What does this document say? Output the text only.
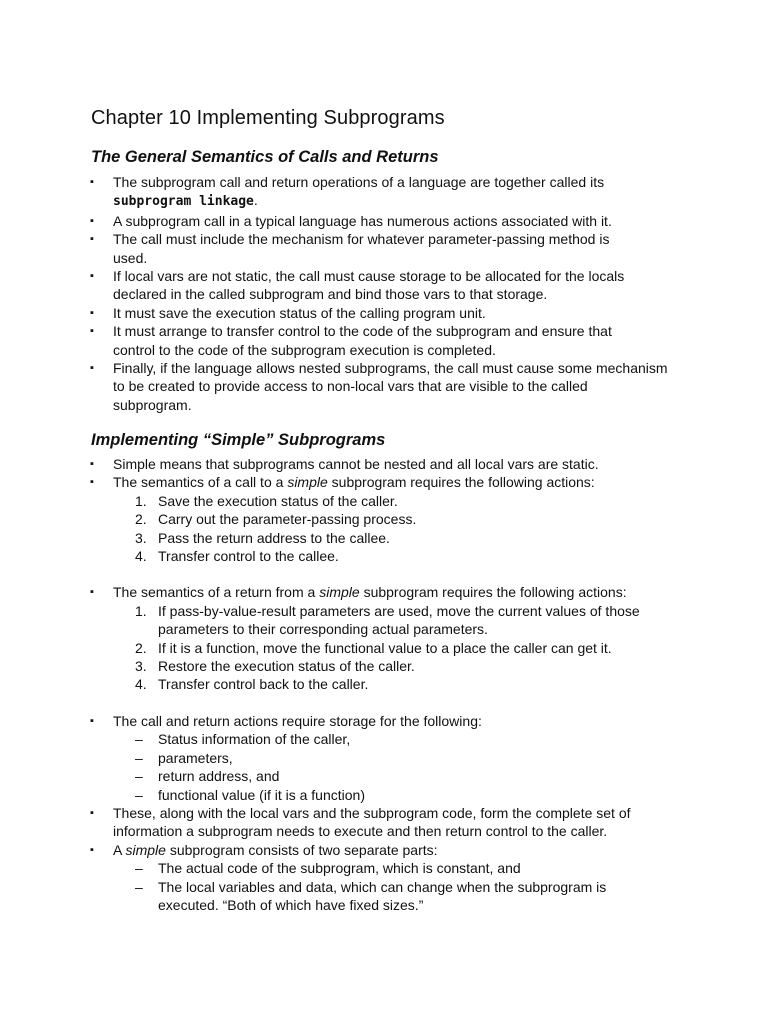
Chapter 10 Implementing Subprograms
The General Semantics of Calls and Returns
▪ The subprogram call and return operations of a language are together called its
subprogram linkage.
▪ A subprogram call in a typical language has numerous actions associated with it.
▪ The call must include the mechanism for whatever parameter-passing method is used.
▪ If local vars are not static, the call must cause storage to be allocated for the locals declared in the called subprogram and bind those vars to that storage.
▪ It must save the execution status of the calling program unit.
▪ It must arrange to transfer control to the code of the subprogram and ensure that control to the code of the subprogram execution is completed.
▪ Finally, if the language allows nested subprograms, the call must cause some mechanism to be created to provide access to non-local vars that are visible to the called subprogram.
Implementing “Simple” Subprograms
▪ Simple means that subprograms cannot be nested and all local vars are static.
▪ The semantics of a call to a simple subprogram requires the following actions:
1. Save the execution status of the caller.
2. Carry out the parameter-passing process.
3. Pass the return address to the callee.
4. Transfer control to the callee.
▪ The semantics of a return from a simple subprogram requires the following actions:
1. If pass-by-value-result parameters are used, move the current values of those parameters to their corresponding actual parameters.
2. If it is a function, move the functional value to a place the caller can get it.
3. Restore the execution status of the caller.
4. Transfer control back to the caller.
▪ The call and return actions require storage for the following:
– Status information of the caller,
– parameters,
– return address, and
– functional value (if it is a function)
▪ These, along with the local vars and the subprogram code, form the complete set of information a subprogram needs to execute and then return control to the caller.
▪ A simple subprogram consists of two separate parts:
– The actual code of the subprogram, which is constant, and
– The local variables and data, which can change when the subprogram is executed. “Both of which have fixed sizes.”
